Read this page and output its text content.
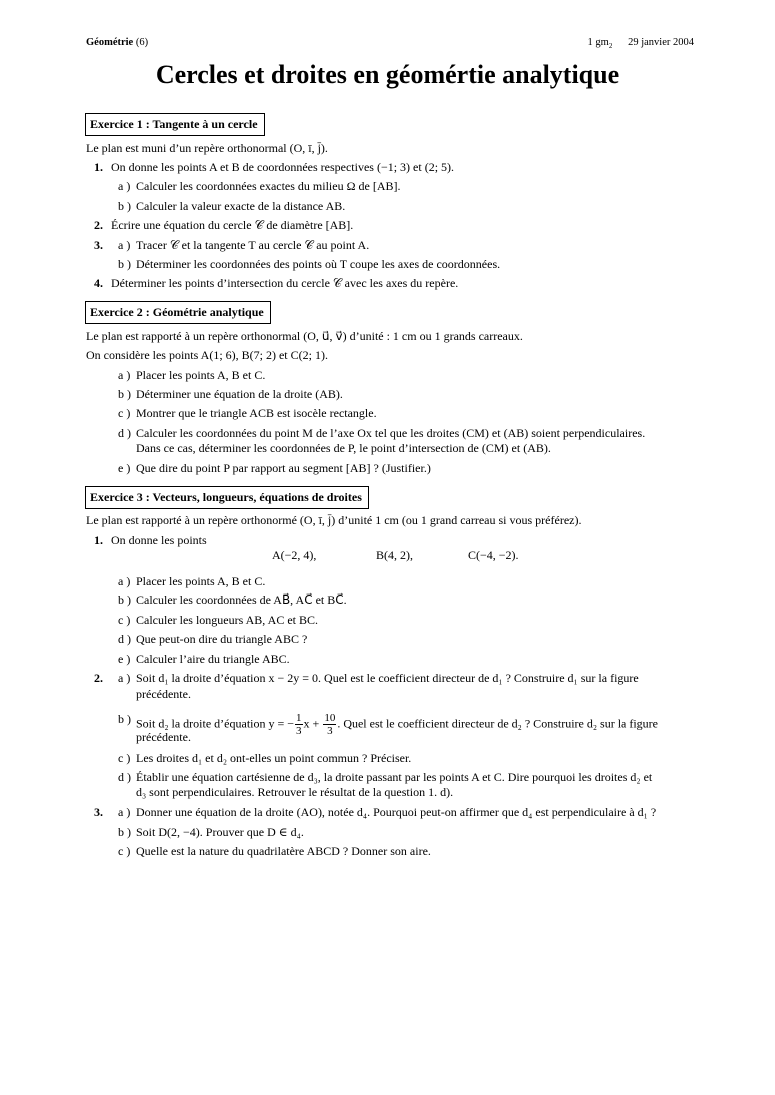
Géométrie (6)	1 $gm_2$ 29 janvier 2004
Cercles et droites en géomértie analytique
Exercice 1 : Tangente à un cercle
Le plan est muni d’un repère orthonormal (O, ī, j̄).
1. On donne les points A et B de coordonnées respectives (−1; 3) et (2; 5).
a ) Calculer les coordonnées exactes du milieu Ω de [AB].
b ) Calculer la valeur exacte de la distance AB.
2. Écrire une équation du cercle 𝒞 de diamètre [AB].
3. a ) Tracer 𝒞 et la tangente T au cercle 𝒞 au point A.
b ) Déterminer les coordonnées des points où T coupe les axes de coordonnées.
4. Déterminer les points d’intersection du cercle 𝒞 avec les axes du repère.
Exercice 2 : Géométrie analytique
Le plan est rapporté à un repère orthonormal (O, u⃗, v⃗) d’unité : 1 cm ou 1 grands carreaux.
On considère les points A(1; 6), B(7; 2) et C(2; 1).
a ) Placer les points A, B et C.
b ) Déterminer une équation de la droite (AB).
c ) Montrer que le triangle ACB est isocèle rectangle.
d ) Calculer les coordonnées du point M de l’axe Ox tel que les droites (CM) et (AB) soient perpendiculaires.
Dans ce cas, déterminer les coordonnées de P, le point d’intersection de (CM) et (AB).
e ) Que dire du point P par rapport au segment [AB] ? (Justifier.)
Exercice 3 : Vecteurs, longueurs, équations de droites
Le plan est rapporté à un repère orthonormé (O, ī, j̄) d’unité 1 cm (ou 1 grand carreau si vous préférez).
1. On donne les points
A(−2, 4),	B(4, 2),	C(−4, −2).
a ) Placer les points A, B et C.
b ) Calculer les coordonnées de AB⃗, AC⃗ et BC⃗.
c ) Calculer les longueurs AB, AC et BC.
d ) Que peut-on dire du triangle ABC ?
e ) Calculer l’aire du triangle ABC.
2. a ) Soit d₁ la droite d’équation x − 2y = 0. Quel est le coefficient directeur de d₁ ? Construire d₁ sur la figure
précédente.
b ) Soit d₂ la droite d’équation y = − $\frac{1}{3}$ $x + \frac{10}{3}$ . Quel est le coefficient directeur de d₂ ? Construire d₂ sur la figure
précédente.
c ) Les droites d₁ et d₂ ont-elles un point commun ? Préciser.
d ) Établir une équation cartésienne de d₃, la droite passant par les points A et C. Dire pourquoi les droites d₂ et
d₃ sont perpendiculaires. Retrouver le résultat de la question 1. d).
3. a ) Donner une équation de la droite (AO), notée d₄. Pourquoi peut-on affirmer que d₄ est perpendiculaire à d₁ ?
b ) Soit D(2, −4). Prouver que D ∈ d₄.
c ) Quelle est la nature du quadrilatère ABCD ? Donner son aire.
